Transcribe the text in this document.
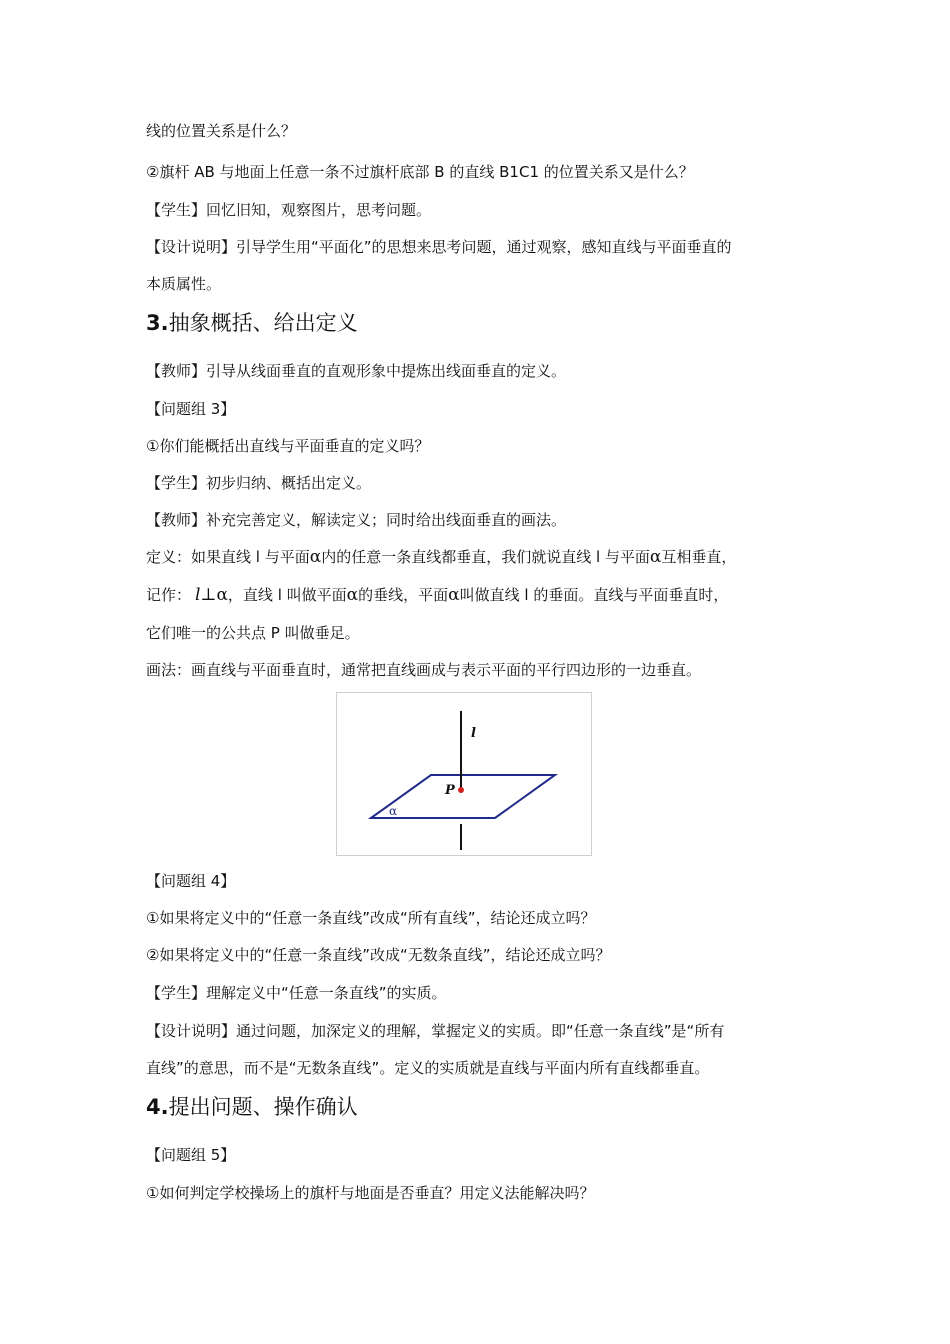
线的位置关系是什么？
②旗杆 AB 与地面上任意一条不过旗杆底部 B 的直线 B1C1 的位置关系又是什么？
【学生】回忆旧知，观察图片，思考问题。
【设计说明】引导学生用“平面化”的思想来思考问题，通过观察，感知直线与平面垂直的
本质属性。
3.抽象概括、给出定义
【教师】引导从线面垂直的直观形象中提炼出线面垂直的定义。
【问题组 3】
①你们能概括出直线与平面垂直的定义吗？
【学生】初步归纳、概括出定义。
【教师】补充完善定义，解读定义；同时给出线面垂直的画法。
定义：如果直线 l 与平面α内的任意一条直线都垂直，我们就说直线 l 与平面α互相垂直，
记作： l⊥α，直线 l 叫做平面α的垂线，平面α叫做直线 l 的垂面。直线与平面垂直时，
它们唯一的公共点 P 叫做垂足。
画法：画直线与平面垂直时，通常把直线画成与表示平面的平行四边形的一边垂直。
l
P
α
【问题组 4】
①如果将定义中的“任意一条直线”改成“所有直线”，结论还成立吗？
②如果将定义中的“任意一条直线”改成“无数条直线”，结论还成立吗？
【学生】理解定义中“任意一条直线”的实质。
【设计说明】通过问题，加深定义的理解，掌握定义的实质。即“任意一条直线”是“所有
直线”的意思，而不是“无数条直线”。定义的实质就是直线与平面内所有直线都垂直。
4.提出问题、操作确认
【问题组 5】
①如何判定学校操场上的旗杆与地面是否垂直？用定义法能解决吗？
